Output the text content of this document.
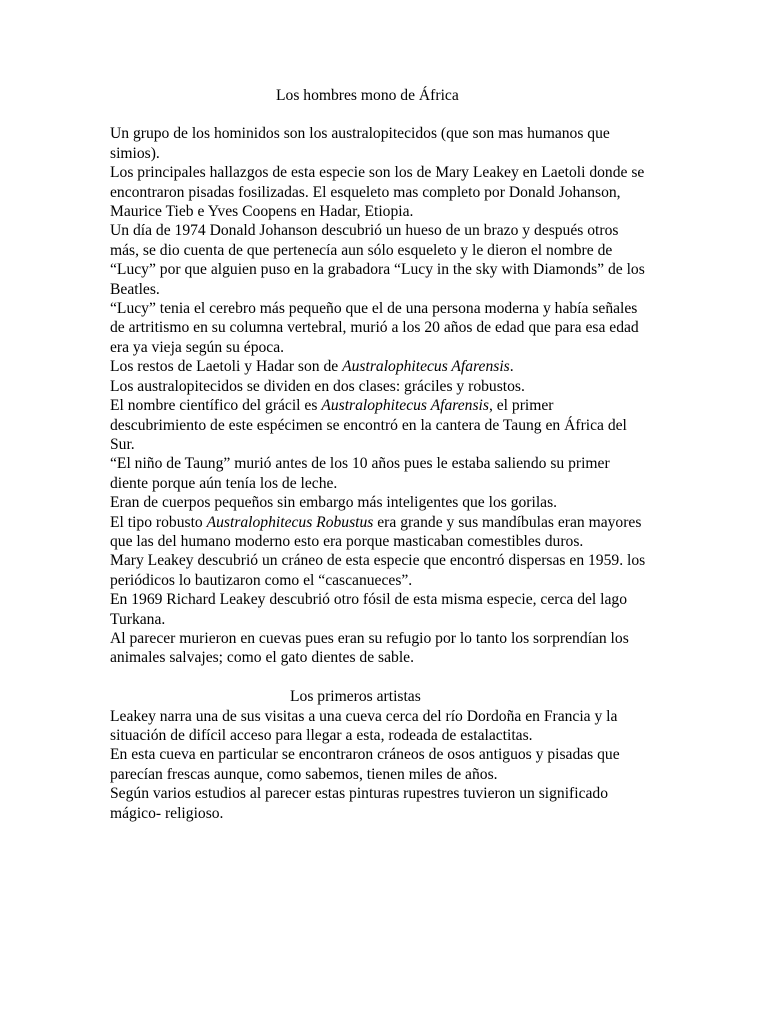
Los hombres mono de África

Un grupo de los hominidos son los australopitecidos (que son mas humanos que simios).

Los principales hallazgos de esta especie son los de Mary Leakey en Laetoli donde se encontraron pisadas fosilizadas. El esqueleto mas completo por Donald Johanson, Maurice Tieb e Yves Coopens en Hadar, Etiopia.

Un día de 1974 Donald Johanson descubrió un hueso de un brazo y después otros más, se dio cuenta de que pertenecía aun sólo esqueleto y le dieron el nombre de “Lucy” por que alguien puso en la grabadora “Lucy in the sky with Diamonds” de los Beatles.

“Lucy” tenia el cerebro más pequeño que el de una persona moderna y había señales de artritismo en su columna vertebral, murió a los 20 años de edad que para esa edad era ya vieja según su época.

Los restos de Laetoli y Hadar son de Australophitecus Afarensis.

Los australopitecidos se dividen en dos clases: gráciles y robustos.

El nombre científico del grácil es Australophitecus Afarensis, el primer descubrimiento de este espécimen se encontró en la cantera de Taung en África del Sur.

“El niño de Taung” murió antes de los 10 años pues le estaba saliendo su primer diente porque aún tenía los de leche.

Eran de cuerpos pequeños sin embargo más inteligentes que los gorilas.

El tipo robusto Australophitecus Robustus era grande y sus mandíbulas eran mayores que las del humano moderno esto era porque masticaban comestibles duros.

Mary Leakey descubrió un cráneo de esta especie que encontró dispersas en 1959. los periódicos lo bautizaron como el “cascanueces”.

En 1969 Richard Leakey descubrió otro fósil de esta misma especie, cerca del lago Turkana.

Al parecer murieron en cuevas pues eran su refugio por lo tanto los sorprendían los animales salvajes; como el gato dientes de sable.

Los primeros artistas

Leakey narra una de sus visitas a una cueva cerca del río Dordoña en Francia y la situación de difícil acceso para llegar a esta, rodeada de estalactitas.

En esta cueva en particular se encontraron cráneos de osos antiguos y pisadas que parecían frescas aunque, como sabemos, tienen miles de años.

Según varios estudios al parecer estas pinturas rupestres tuvieron un significado mágico- religioso.
